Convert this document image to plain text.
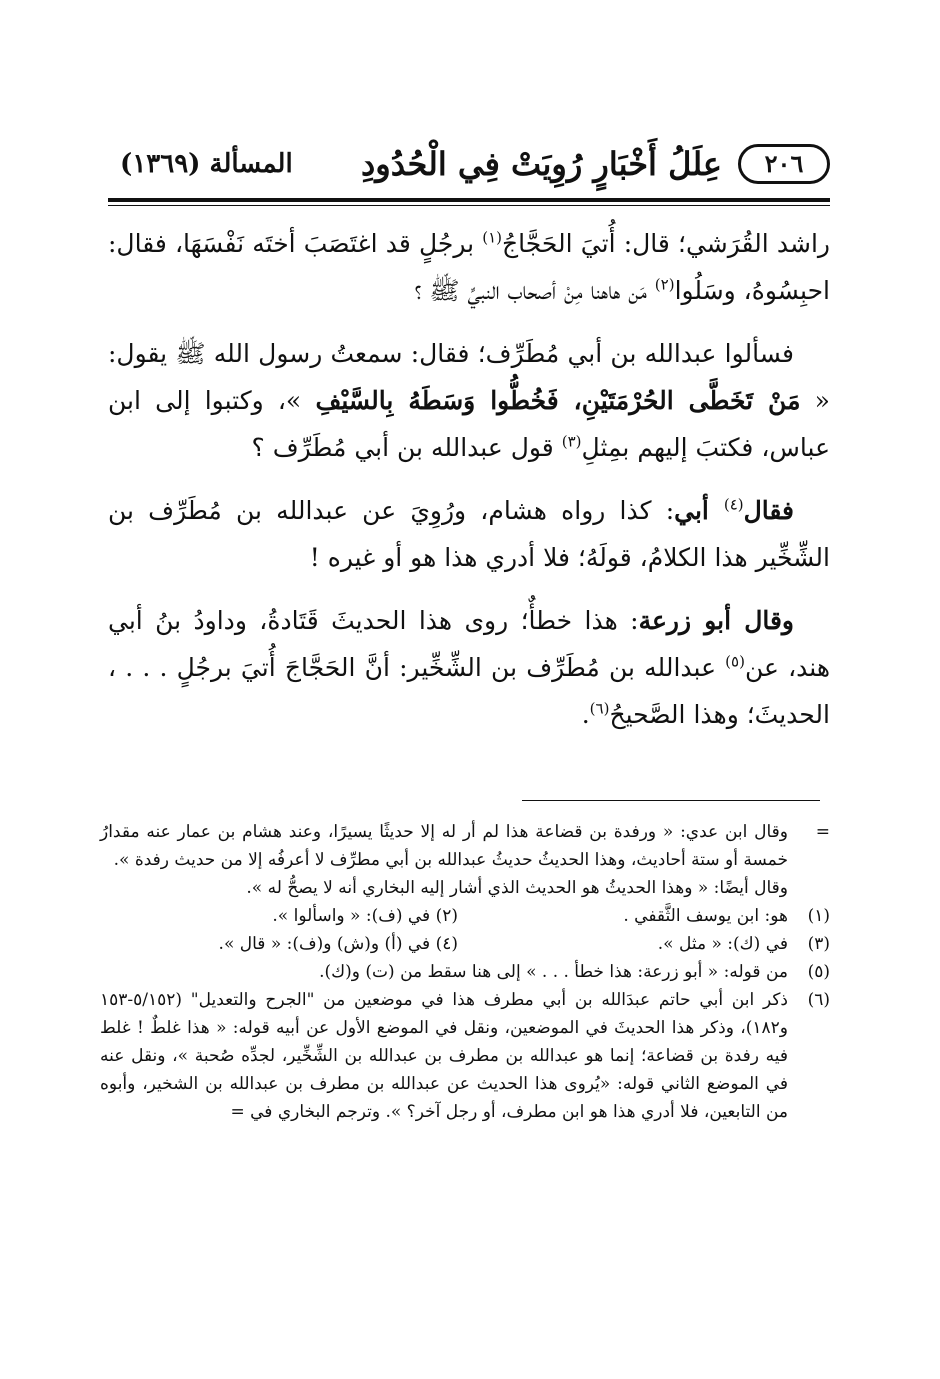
٢٠٦
عِلَلُ أَخْبَارٍ رُوِيَتْ فِي الْحُدُودِ
المسألة (١٣٦٩)

راشد القُرَشي؛ قال: أُتيَ الحَجَّاجُ$^{(١)}$ برجُلٍ قد اغتَصَبَ أختَه نَفْسَهَا، فقال: احبِسُوهُ، وسَلُوا$^{(٢)}$ مَن هاهنا مِنْ أصحاب النبيِّ ﷺ ؟

فسألوا عبدالله بن أبي مُطَرِّف؛ فقال: سمعتُ رسول الله ﷺ يقول: « مَنْ تَخَطَّى الحُرْمَتَيْنِ، فَخُطُّوا وَسَطَهُ بِالسَّيْفِ »، وكتبوا إلى ابن عباس، فكتبَ إليهم بمِثلِ$^{(٣)}$ قول عبدالله بن أبي مُطَرِّف ؟

فقال$^{(٤)}$ أبي: كذا رواه هشام، ورُوِيَ عن عبدالله بن مُطَرِّف بن الشِّخِّير هذا الكلامُ، قولَهُ؛ فلا أدري هذا هو أو غيره !

وقال أبو زرعة: هذا خطأٌ؛ روى هذا الحديثَ قَتَادةُ، وداودُ بنُ أبي هند، عن$^{(٥)}$ عبدالله بن مُطَرِّف بن الشِّخِّير: أنَّ الحَجَّاجَ أُتيَ برجُلٍ . . . ، الحديثَ؛ وهذا الصَّحيحُ$^{(٦)}$.

=
وقال ابن عدي: « ورفدة بن قضاعة هذا لم أر له إلا حديثًا يسيرًا، وعند هشام بن عمار عنه مقدارُ خمسة أو ستة أحاديث، وهذا الحديثُ حديثُ عبدالله بن أبي مطرِّف لا أعرفُه إلا من حديث رفدة ».
وقال أيضًا: « وهذا الحديثُ هو الحديث الذي أشار إليه البخاري أنه لا يصحُّ له ».
(١)
هو: ابن يوسف الثَّقفي .
(٢) في (ف): « واسألوا ».
(٣)
في (ك): « مثل ».
(٤) في (أ) و(ش) و(ف): « قال ».
(٥)
من قوله: « أبو زرعة: هذا خطأ . . . » إلى هنا سقط من (ت) و(ك).
(٦)
ذكر ابن أبي حاتم عبدَالله بن أبي مطرف هذا في موضعين من "الجرح والتعديل" (٥/١٥٢-١٥٣ و١٨٢)، وذكر هذا الحديثَ في الموضعين، ونقل في الموضع الأول عن أبيه قوله: « هذا غلطٌ ! غلط فيه رفدة بن قضاعة؛ إنما هو عبدالله بن مطرف بن عبدالله بن الشِّخِّير، لجدِّه صُحبة »، ونقل عنه في الموضع الثاني قوله: «يُروى هذا الحديث عن عبدالله بن مطرف بن عبدالله بن الشخير، وأبوه من التابعين، فلا أدري هذا هو ابن مطرف، أو رجل آخر؟ ». وترجم البخاري في =
